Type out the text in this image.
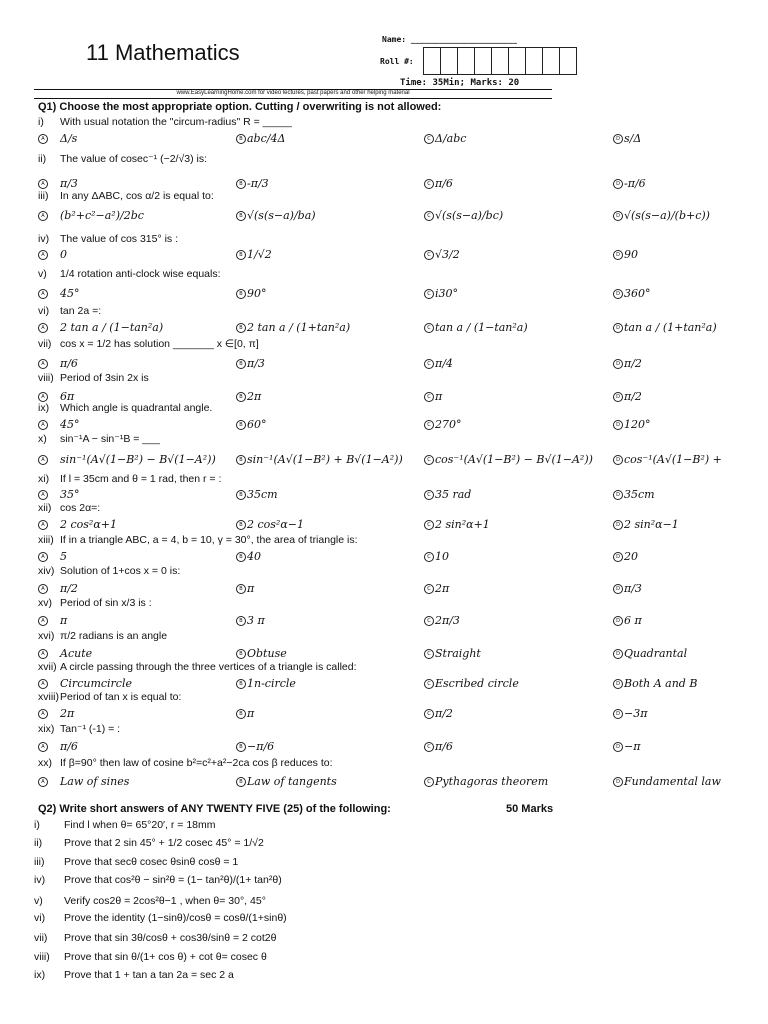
11 Mathematics
Name: ______________________
Roll #:
Time: 35Min; Marks: 20
www.EasyLearningHome.com for video lectures, past papers and other helping material
Q1) Choose the most appropriate option. Cutting / overwriting is not allowed:
i) With usual notation the "circum-radius" R = _____
A Δ/s	B abc/4Δ	C Δ/abc	D s/Δ
ii) The value of cosec⁻¹ (−2/√3) is:
A π/3	B -π/3	C π/6	D -π/6
iii) In any ΔABC, cos α/2 is equal to:
A (b²+c²−a²)/2bc	B √(s(s−a)/ba)	C √(s(s−a)/bc)	D √(s(s−a)/(b+c))
iv) The value of cos 315° is :
A 0	B 1/√2	C √3/2	D 90
v) 1/4 rotation anti-clock wise equals:
A 45°	B 90°	C i30°	D 360°
vi) tan 2a =:
A 2 tan a / (1−tan²a)	B 2 tan a / (1+tan²a)	C tan a / (1−tan²a)	D tan a / (1+tan²a)
vii) cos x = 1/2 has solution _______ x ∈[0, π]
A π/6	B π/3	C π/4	D π/2
viii) Period of 3sin 2x is
A 6π	B 2π	C π	D π/2
ix) Which angle is quadrantal angle.
A 45°	B 60°	C 270°	D 120°
x) sin⁻¹A − sin⁻¹B = ___
A sin⁻¹(A√(1−B²) − B√(1−A²))	B sin⁻¹(A√(1−B²) + B√(1−A²))	C cos⁻¹(A√(1−B²) − B√(1−A²))	D cos⁻¹(A√(1−B²) +
xi) If l = 35cm and θ = 1 rad, then r = :
A 35°	B 35cm	C 35 rad	D 35cm
xii) cos 2α=:
A 2 cos²α+1	B 2 cos²α−1	C 2 sin²α+1	D 2 sin²α−1
xiii) If in a triangle ABC, a = 4, b = 10, γ = 30°, the area of triangle is:
A 5	B 40	C 10	D 20
xiv) Solution of 1+cos x = 0 is:
A π/2	B π	C 2π	D π/3
xv) Period of sin x/3 is :
A π	B 3 π	C 2π/3	D 6 π
xvi) π/2 radians is an angle
A Acute	B Obtuse	C Straight	D Quadrantal
xvii) A circle passing through the three vertices of a triangle is called:
A Circumcircle	B 1n-circle	C Escribed circle	D Both A and B
xviii)Period of tan x is equal to:
A 2π	B π	C π/2	D −3π
xix) Tan⁻¹ (-1) = :
A π/6	B −π/6	C π/6	D −π
xx) If β=90° then law of cosine b²=c²+a²−2ca cos β reduces to:
A Law of sines	B Law of tangents	C Pythagoras theorem	D Fundamental law
Q2) Write short answers of ANY TWENTY FIVE (25) of the following:	50 Marks
i) Find l when θ= 65°20′, r = 18mm
ii) Prove that 2 sin 45° + 1/2 cosec 45° = 1/√2
iii) Prove that secθ cosec θsinθ cosθ = 1
iv) Prove that cos²θ − sin²θ = (1− tan²θ)/(1+ tan²θ)
v) Verify cos2θ = 2cos²θ−1 , when θ= 30°, 45°
vi) Prove the identity (1−sinθ)/cosθ = cosθ/(1+sinθ)
vii) Prove that sin 3θ/cosθ + cos3θ/sinθ = 2 cot2θ
viii) Prove that sin θ/(1+ cos θ) + cot θ= cosec θ
ix) Prove that 1 + tan a tan 2a = sec 2 a
